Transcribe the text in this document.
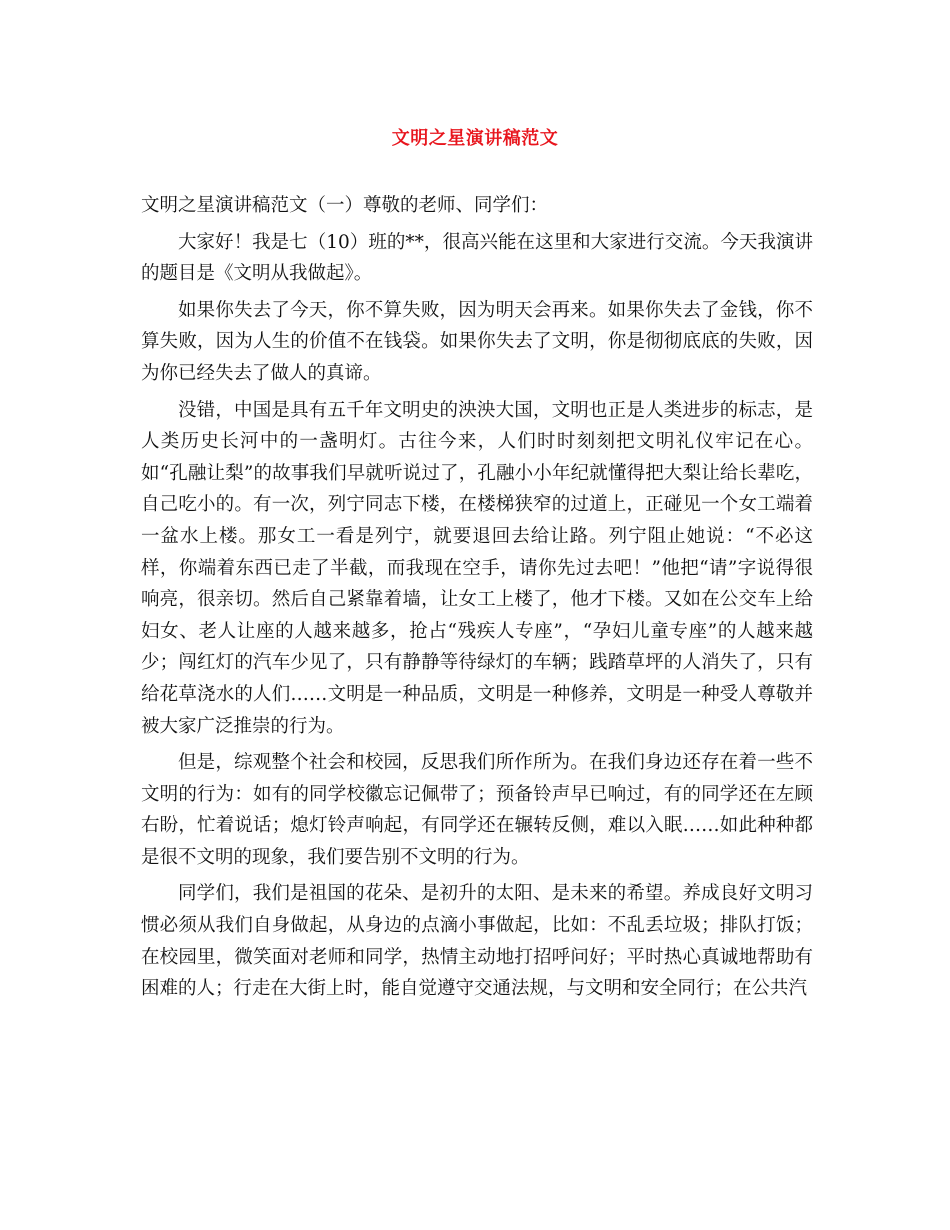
文明之星演讲稿范文

文明之星演讲稿范文（一）尊敬的老师、同学们：

大家好！我是七（10）班的**，很高兴能在这里和大家进行交流。今天我演讲的题目是《文明从我做起》。

如果你失去了今天，你不算失败，因为明天会再来。如果你失去了金钱，你不算失败，因为人生的价值不在钱袋。如果你失去了文明，你是彻彻底底的失败，因为你已经失去了做人的真谛。

没错，中国是具有五千年文明史的泱泱大国，文明也正是人类进步的标志，是人类历史长河中的一盏明灯。古往今来，人们时时刻刻把文明礼仪牢记在心。如“孔融让梨”的故事我们早就听说过了，孔融小小年纪就懂得把大梨让给长辈吃，自己吃小的。有一次，列宁同志下楼，在楼梯狭窄的过道上，正碰见一个女工端着一盆水上楼。那女工一看是列宁，就要退回去给让路。列宁阻止她说：“不必这样，你端着东西已走了半截，而我现在空手，请你先过去吧！”他把“请”字说得很响亮，很亲切。然后自己紧靠着墙，让女工上楼了，他才下楼。又如在公交车上给妇女、老人让座的人越来越多，抢占“残疾人专座”，“孕妇儿童专座”的人越来越少；闯红灯的汽车少见了，只有静静等待绿灯的车辆；践踏草坪的人消失了，只有给花草浇水的人们……文明是一种品质，文明是一种修养，文明是一种受人尊敬并被大家广泛推崇的行为。

但是，综观整个社会和校园，反思我们所作所为。在我们身边还存在着一些不文明的行为：如有的同学校徽忘记佩带了；预备铃声早已响过，有的同学还在左顾右盼，忙着说话；熄灯铃声响起，有同学还在辗转反侧，难以入眠……如此种种都是很不文明的现象，我们要告别不文明的行为。

同学们，我们是祖国的花朵、是初升的太阳、是未来的希望。养成良好文明习惯必须从我们自身做起，从身边的点滴小事做起，比如：不乱丢垃圾；排队打饭；在校园里，微笑面对老师和同学，热情主动地打招呼问好；平时热心真诚地帮助有困难的人；行走在大街上时，能自觉遵守交通法规，与文明和安全同行；在公共汽
